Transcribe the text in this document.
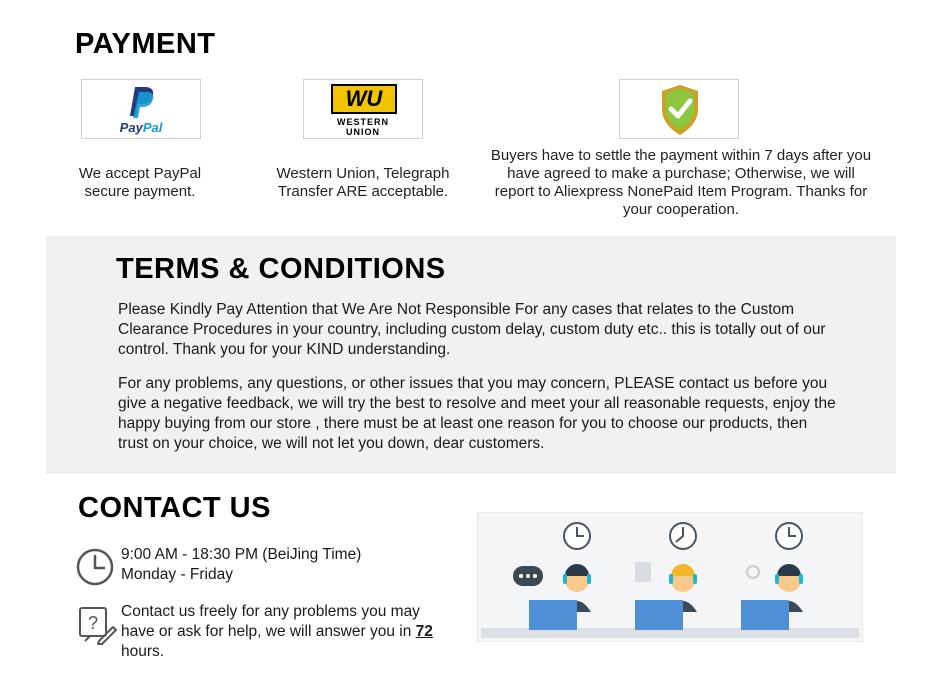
PAYMENT
PayPal
WU
WESTERN
UNION
We accept PayPal secure payment.
Western Union, Telegraph Transfer ARE acceptable.
Buyers have to settle the payment within 7 days after you have agreed to make a purchase; Otherwise, we will report to Aliexpress NonePaid Item Program. Thanks for your cooperation.
TERMS & CONDITIONS
Please Kindly Pay Attention that We Are Not Responsible For any cases that relates to the Custom Clearance Procedures in your country, including custom delay, custom duty etc.. this is totally out of our control. Thank you for your KIND understanding.
For any problems, any questions, or other issues that you may concern, PLEASE contact us before you give a negative feedback, we will try the best to resolve and meet your all reasonable requests, enjoy the happy buying from our store , there must be at least one reason for you to choose our products, then trust on your choice, we will not let you down, dear customers.
CONTACT US
9:00 AM - 18:30 PM (BeiJing Time)
Monday - Friday
?
Contact us freely for any problems you may have or ask for help, we will answer you in 72 hours.
